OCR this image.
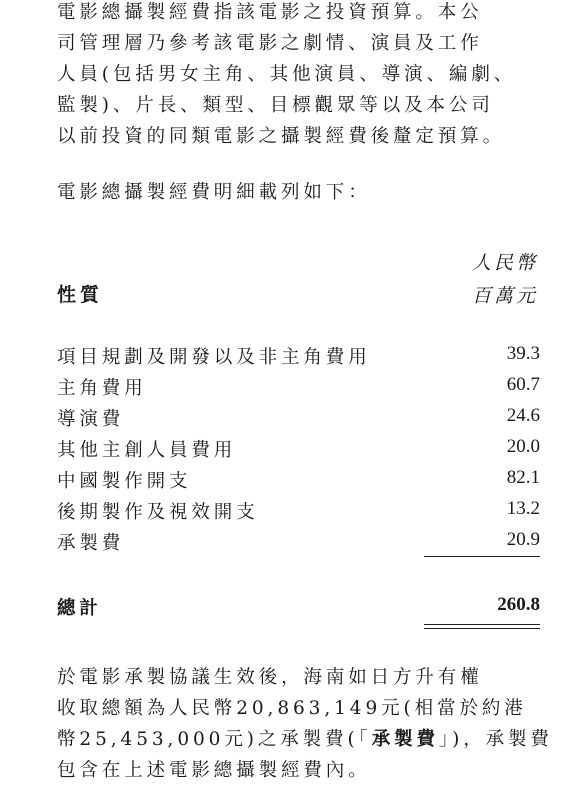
電影總攝製經費指該電影之投資預算。本公
司管理層乃參考該電影之劇情、演員及工作
人員(包括男女主角、其他演員、導演、編劇、
監製)、片長、類型、目標觀眾等以及本公司
以前投資的同類電影之攝製經費後釐定預算。

電影總攝製經費明細載列如下：

性質
人民幣
百萬元
項目規劃及開發以及非主角費用	39.3
主角費用	60.7
導演費	24.6
其他主創人員費用	20.0
中國製作開支	82.1
後期製作及視效開支	13.2
承製費	20.9
總計	260.8

於電影承製協議生效後，海南如日方升有權
收取總額為人民幣20,863,149元(相當於約港
幣25,453,000元)之承製費(「承製費」)，承製費
包含在上述電影總攝製經費內。
